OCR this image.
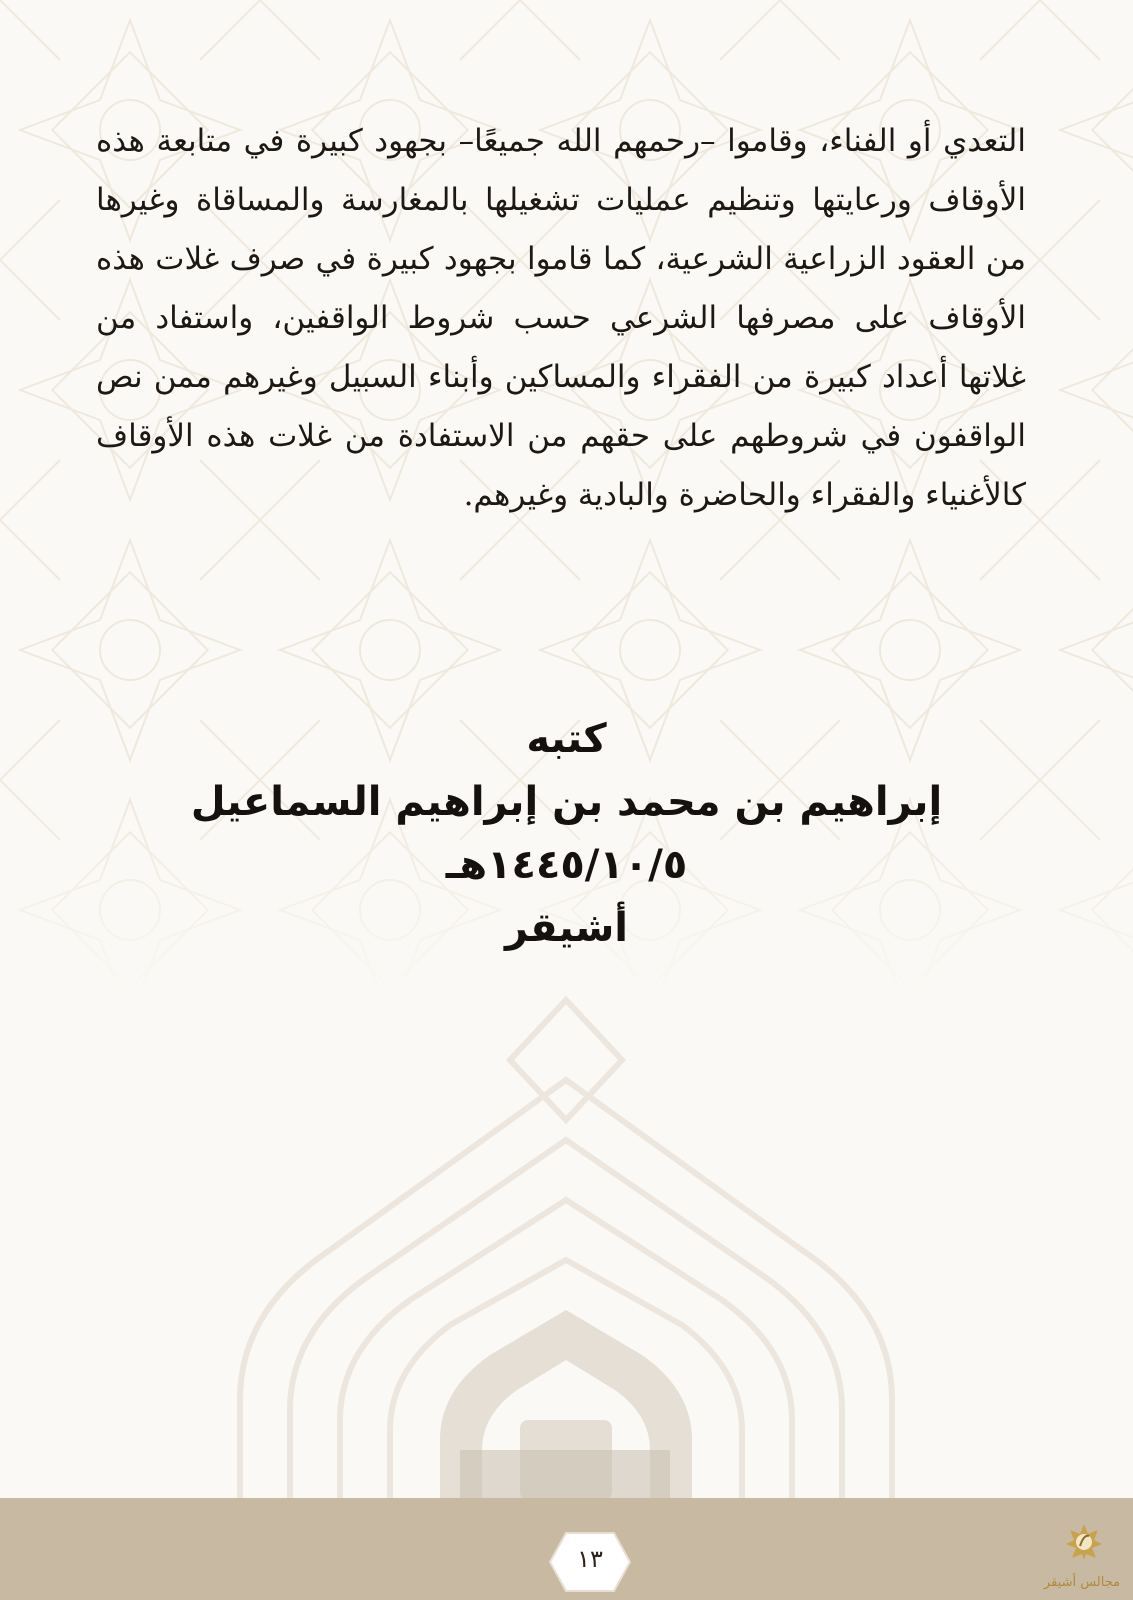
التعدي أو الفناء، وقاموا –رحمهم الله جميعًا– بجهود كبيرة في متابعة هذه الأوقاف ورعايتها وتنظيم عمليات تشغيلها بالمغارسة والمساقاة وغيرها من العقود الزراعية الشرعية، كما قاموا بجهود كبيرة في صرف غلات هذه الأوقاف على مصرفها الشرعي حسب شروط الواقفين، واستفاد من غلاتها أعداد كبيرة من الفقراء والمساكين وأبناء السبيل وغيرهم ممن نص الواقفون في شروطهم على حقهم من الاستفادة من غلات هذه الأوقاف كالأغنياء والفقراء والحاضرة والبادية وغيرهم.

كتبه
إبراهيم بن محمد بن إبراهيم السماعيل
١٤٤٥/١٠/٥هـ
أشيقر
١٣
مجالس أشيقر
